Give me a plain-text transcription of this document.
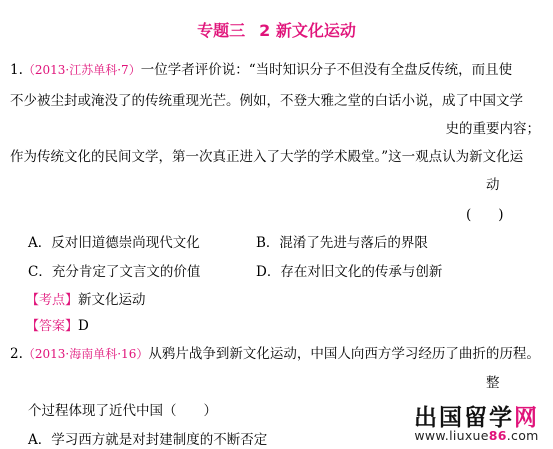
专题三 2 新文化运动
1.（2013·江苏单科·7）一位学者评价说：“当时知识分子不但没有全盘反传统，而且使
不少被尘封或淹没了的传统重现光芒。例如，不登大雅之堂的白话小说，成了中国文学
史的重要内容；
作为传统文化的民间文学，第一次真正进入了大学的学术殿堂。”这一观点认为新文化运
动
(　　)
A．反对旧道德崇尚现代文化	B．混淆了先进与落后的界限
C．充分肯定了文言文的价值	D．存在对旧文化的传承与创新
【考点】新文化运动
【答案】D
2.（2013·海南单科·16）从鸦片战争到新文化运动，中国人向西方学习经历了曲折的历程。
整
个过程体现了近代中国（　　）
A．学习西方就是对封建制度的不断否定
出国留学网
www.liuxue86.com
